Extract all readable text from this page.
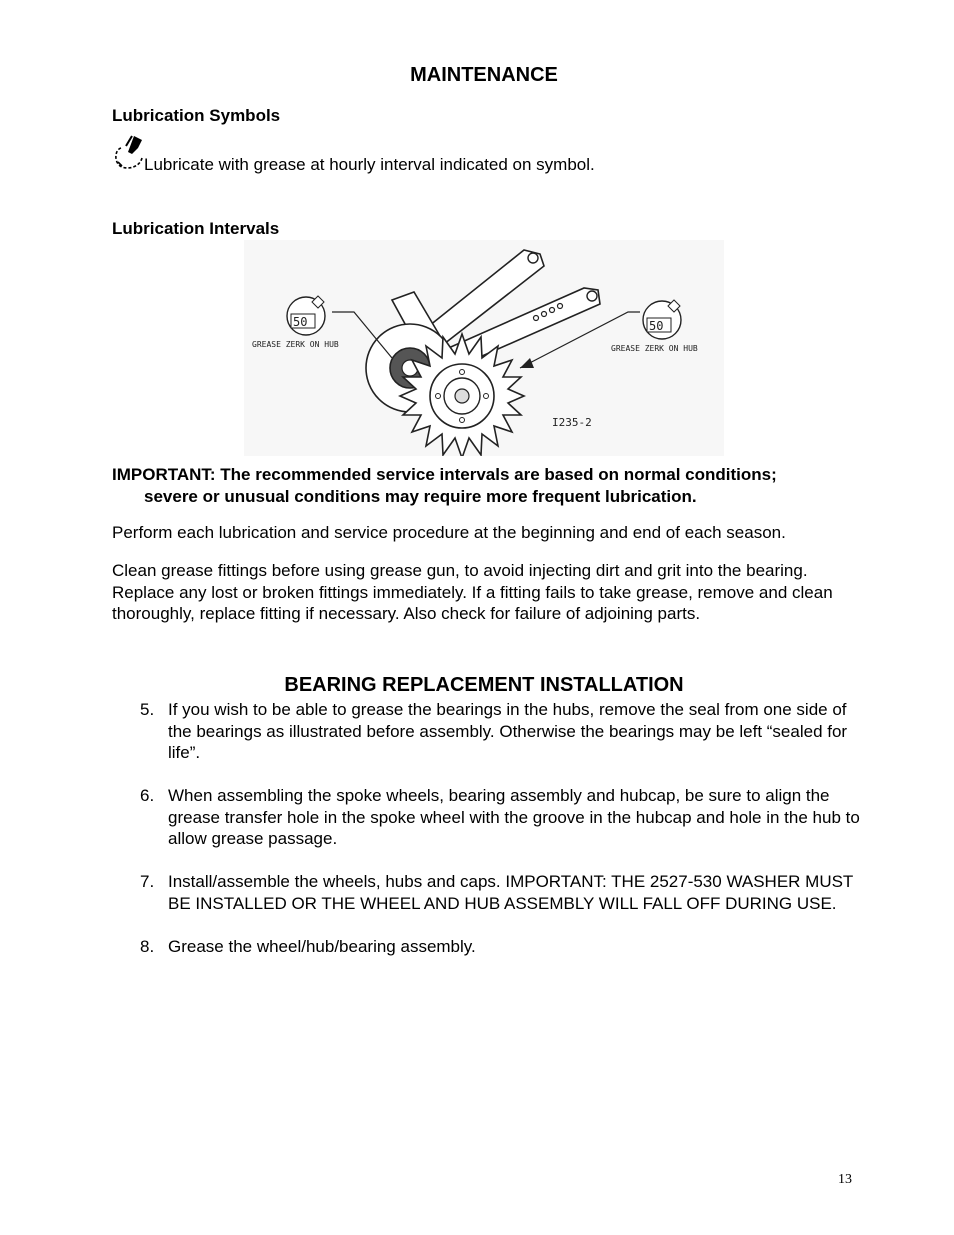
MAINTENANCE
Lubrication Symbols
Lubricate with grease at hourly interval indicated on symbol.
Lubrication Intervals
50
GREASE ZERK ON HUB
50
GREASE ZERK ON HUB
I235-2
IMPORTANT: The recommended service intervals are based on normal conditions;
severe or unusual conditions may require more frequent lubrication.
Perform each lubrication and service procedure at the beginning and end of each season.
Clean grease fittings before using grease gun, to avoid injecting dirt and grit into the bearing. Replace any lost or broken fittings immediately. If a fitting fails to take grease, remove and clean thoroughly, replace fitting if necessary. Also check for failure of adjoining parts.
BEARING REPLACEMENT INSTALLATION
5. If you wish to be able to grease the bearings in the hubs, remove the seal from one side of the bearings as illustrated before assembly. Otherwise the bearings may be left “sealed for life”.
6. When assembling the spoke wheels, bearing assembly and hubcap, be sure to align the grease transfer hole in the spoke wheel with the groove in the hubcap and hole in the hub to allow grease passage.
7. Install/assemble the wheels, hubs and caps. IMPORTANT: THE 2527-530 WASHER MUST BE INSTALLED OR THE WHEEL AND HUB ASSEMBLY WILL FALL OFF DURING USE.
8. Grease the wheel/hub/bearing assembly.
13
